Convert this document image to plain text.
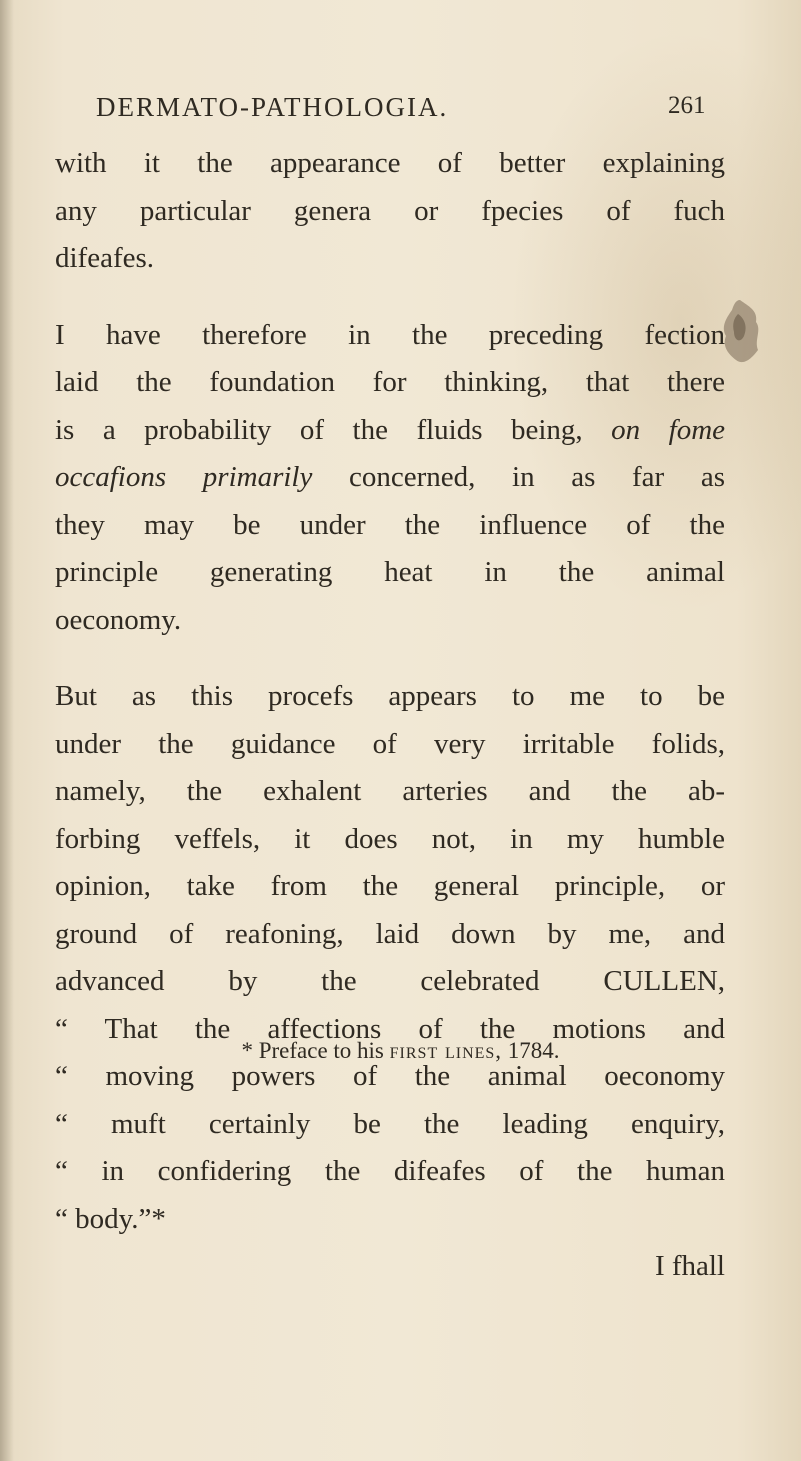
DERMATO-PATHOLOGIA.	261
with it the appearance of better explaining
any particular genera or fpecies of fuch
difeafes.
I have therefore in the preceding fection
laid the foundation for thinking, that there
is a probability of the fluids being, on fome
occafions primarily concerned, in as far as
they may be under the influence of the
principle generating heat in the animal
oeconomy.
But as this procefs appears to me to be
under the guidance of very irritable folids,
namely, the exhalent arteries and the ab-
forbing veffels, it does not, in my humble
opinion, take from the general principle, or
ground of reafoning, laid down by me, and
advanced by the celebrated CULLEN,
“ That the affections of the motions and
“ moving powers of the animal oeconomy
“ muft certainly be the leading enquiry,
“ in confidering the difeafes of the human
“ body.”*
I fhall
* Preface to his first lines, 1784.
